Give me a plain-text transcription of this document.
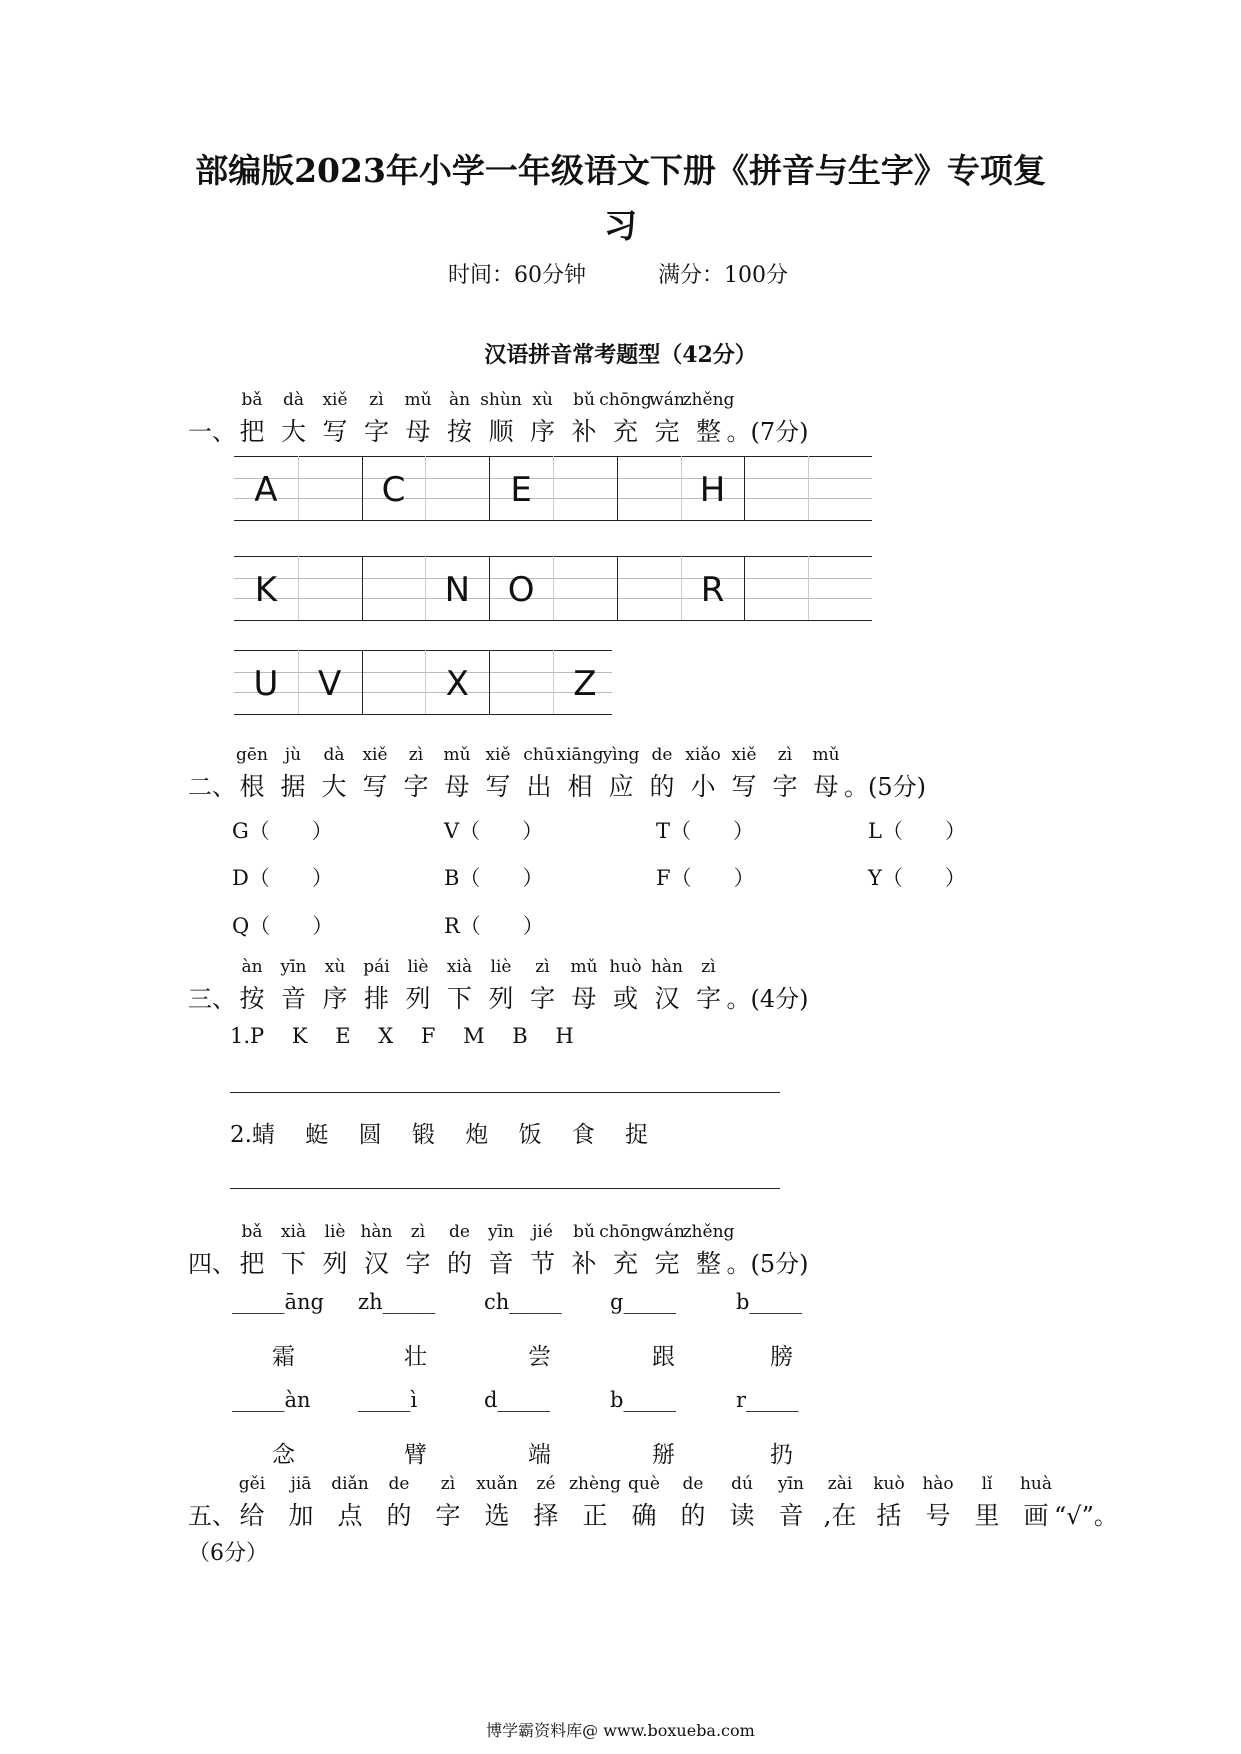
部编版2023年小学一年级语文下册《拼音与生字》专项复
习
时间：60分钟	满分：100分
汉语拼音常考题型（42分）
一、
bǎ
把
dà
大
xiě
写
zì
字
mǔ
母
àn
按
shùn
顺
xù
序
bǔ
补
chōng
充
wán
完
zhěng
整 。(7分)
A	C	E	H
K	N O	R
U V	X	Z
二、
gēn
根
jù
据
dà
大
xiě
写
zì
字
mǔ
母
xiě
写
chū
出
xiāng
相
yìng
应
de
的
xiǎo
小
xiě
写
zì
字
mǔ
母 。(5分)
G（　　）	V（　　）	T（　　）	L（　　）
D（　　）	B（　　）	F（　　）	Y（　　）
Q（　　）	R（　　）
三、
àn
按
yīn
音
xù
序
pái
排
liè
列
xià
下
liè
列
zì
字
mǔ
母
huò
或
hàn
汉
zì
字 。(4分)
1.P　 K　 E　 X　 F　 M　 B　 H
2.蜻　 蜓　 圆　 锻　 炮　 饭　 食　 捉
四、
bǎ
把
xià
下
liè
列
hàn
汉
zì
字
de
的
yīn
音
jié
节
bǔ
补
chōng
充
wán
完
zhěng
整 。(5分)
_____āng zh_____ ch_____ g_____	b_____
霜	壮	尝	跟	膀
_____àn _____ì	d_____	b_____	r_____
念	臂	端	掰	扔
五、
gěi
给
jiā
加
diǎn
点
de
的
zì
字
xuǎn
选
zé
择
zhèng
正
què
确
de
的
dú
读
yīn
音
zài
,在
kuò
括
hào
号
lǐ
里
huà
画 “√”。
（6分）
博学霸资料库@ www.boxueba.com
